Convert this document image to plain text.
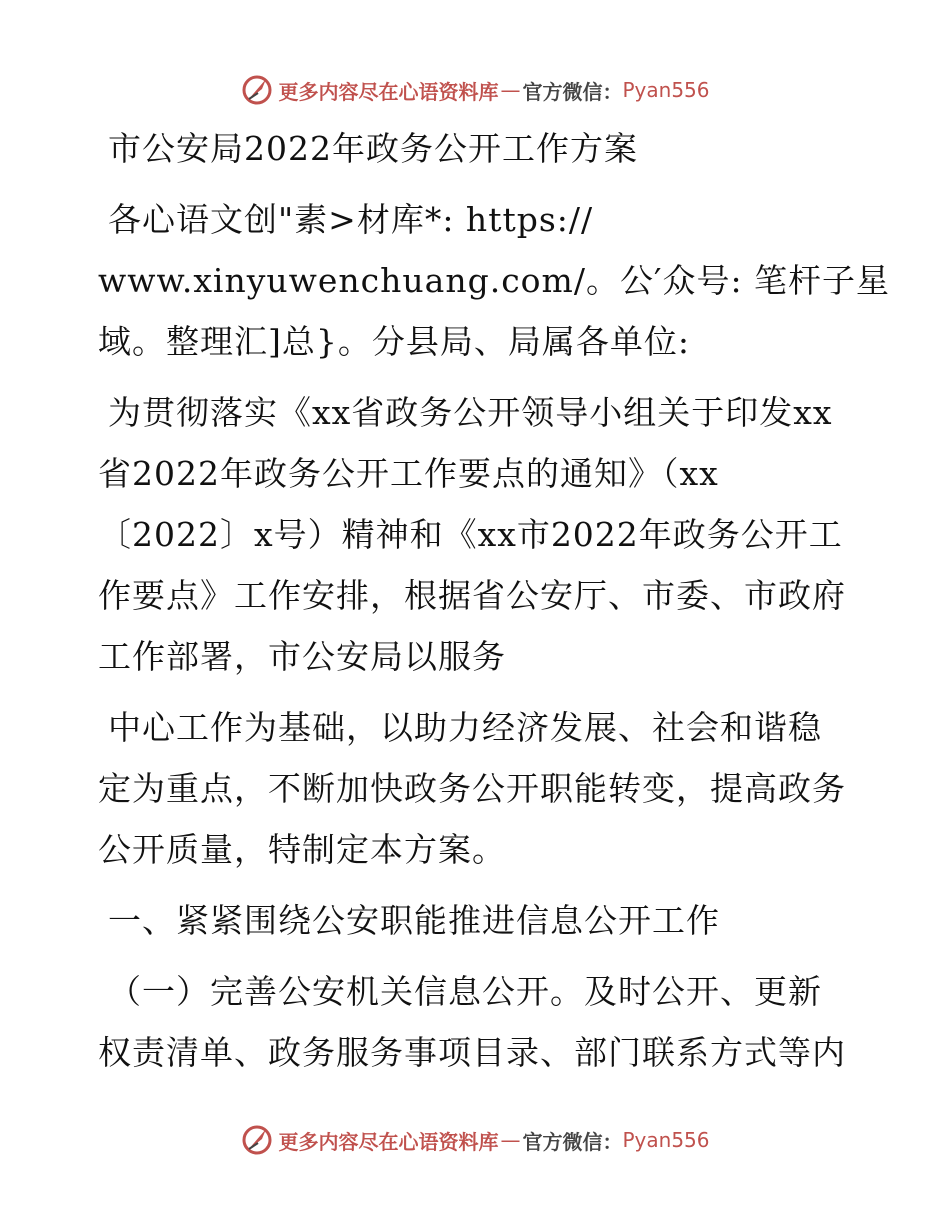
更多内容尽在心语资料库 — 官方微信： Pyan556

市公安局2022年政务公开工作方案

各心语文创"素>材库*: https://

www.xinyuwenchuang.com/。公′众号: 笔杆子星

域。整理汇]总}。分县局、局属各单位:

为贯彻落实《xx省政务公开领导小组关于印发xx

省2022年政务公开工作要点的通知》（xx

〔2022〕x号）精神和《xx市2022年政务公开工

作要点》工作安排，根据省公安厅、市委、市政府

工作部署，市公安局以服务

中心工作为基础，以助力经济发展、社会和谐稳

定为重点，不断加快政务公开职能转变，提高政务

公开质量，特制定本方案。

一、紧紧围绕公安职能推进信息公开工作

（一）完善公安机关信息公开。及时公开、更新

权责清单、政务服务事项目录、部门联系方式等内

更多内容尽在心语资料库 — 官方微信： Pyan556
